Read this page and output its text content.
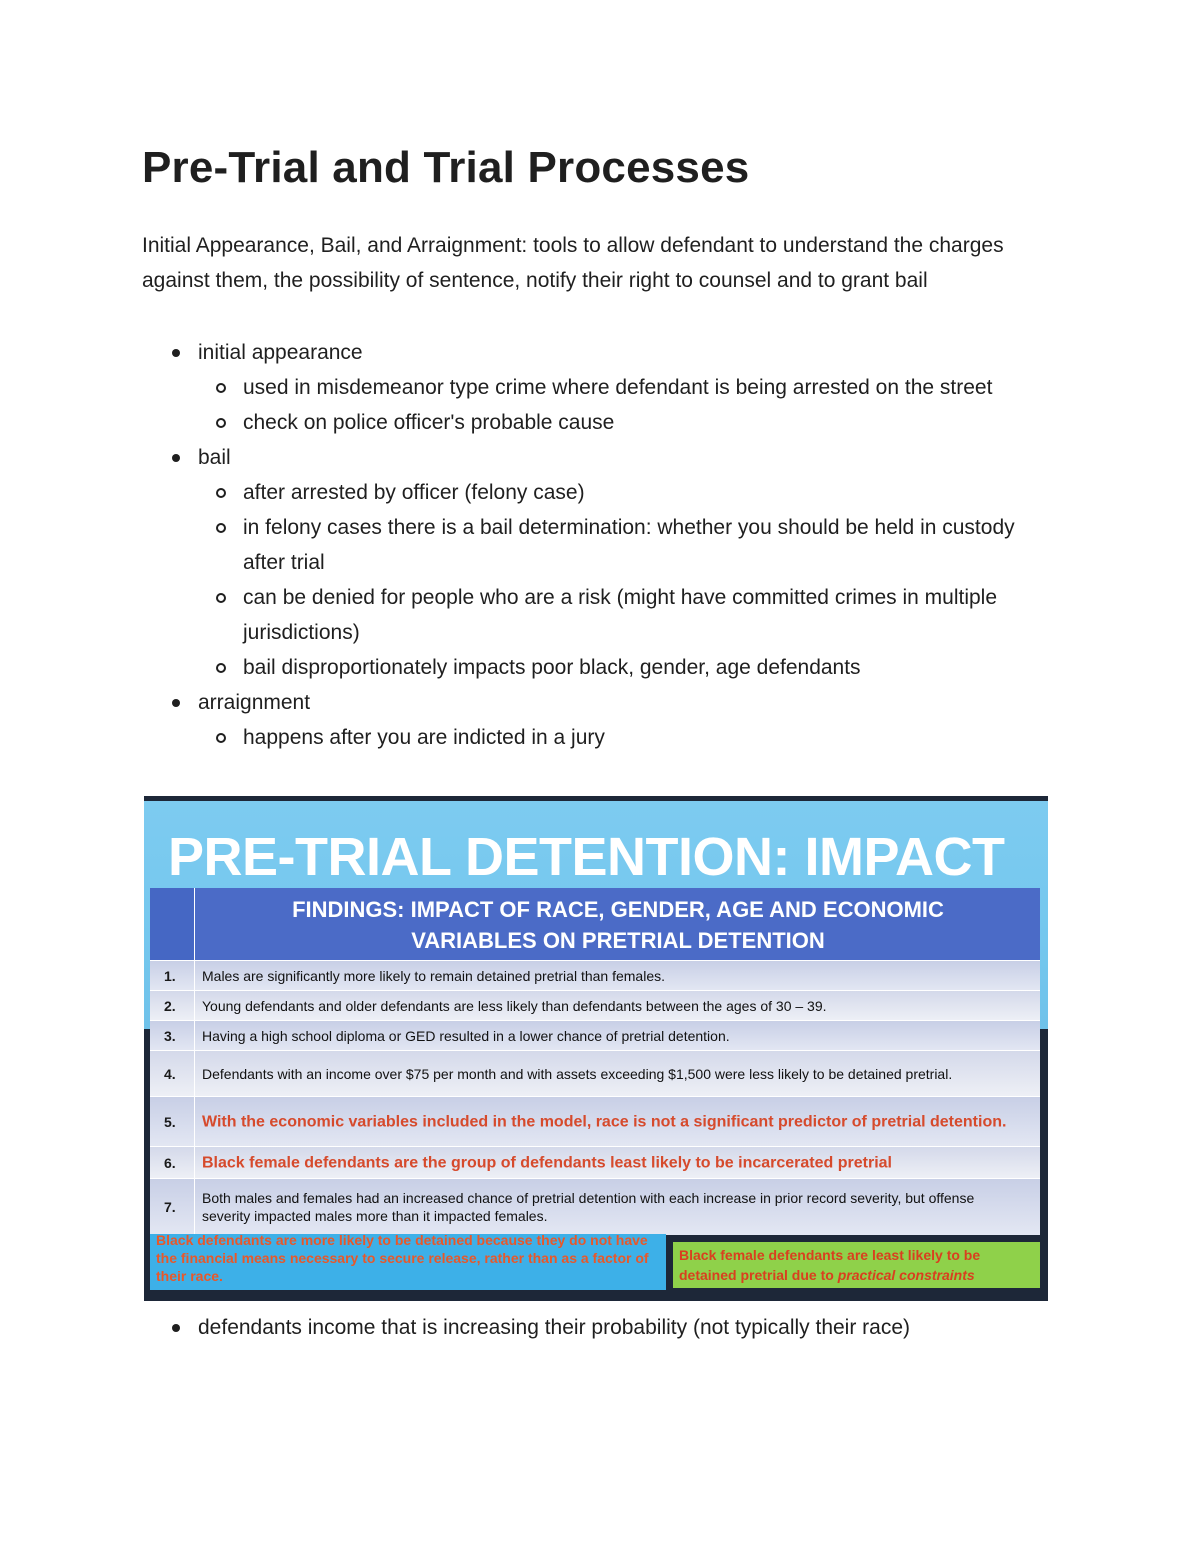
Pre-Trial and Trial Processes

Initial Appearance, Bail, and Arraignment: tools to allow defendant to understand the charges against them, the possibility of sentence, notify their right to counsel and to grant bail

initial appearance
used in misdemeanor type crime where defendant is being arrested on the street
check on police officer's probable cause
bail
after arrested by officer (felony case)
in felony cases there is a bail determination: whether you should be held in custody after trial
can be denied for people who are a risk (might have committed crimes in multiple jurisdictions)
bail disproportionately impacts poor black, gender, age defendants
arraignment
happens after you are indicted in a jury
PRE-TRIAL DETENTION: IMPACT
FINDINGS: IMPACT OF RACE, GENDER, AGE AND ECONOMIC
VARIABLES ON PRETRIAL DETENTION
1. Males are significantly more likely to remain detained pretrial than females.
2. Young defendants and older defendants are less likely than defendants between the ages of 30 – 39.
3. Having a high school diploma or GED resulted in a lower chance of pretrial detention.
4. Defendants with an income over $75 per month and with assets exceeding $1,500 were less likely to be detained pretrial.
5. With the economic variables included in the model, race is not a significant predictor of pretrial detention.
6. Black female defendants are the group of defendants least likely to be incarcerated pretrial
7.
Both males and females had an increased chance of pretrial detention with each increase in prior record severity, but offense severity impacted males more than it impacted females.
Black defendants are more likely to be detained because they do not have the financial means necessary to secure release, rather than as a factor of their race.
Black female defendants are least likely to be detained pretrial due to practical constraints
defendants income that is increasing their probability (not typically their race)
